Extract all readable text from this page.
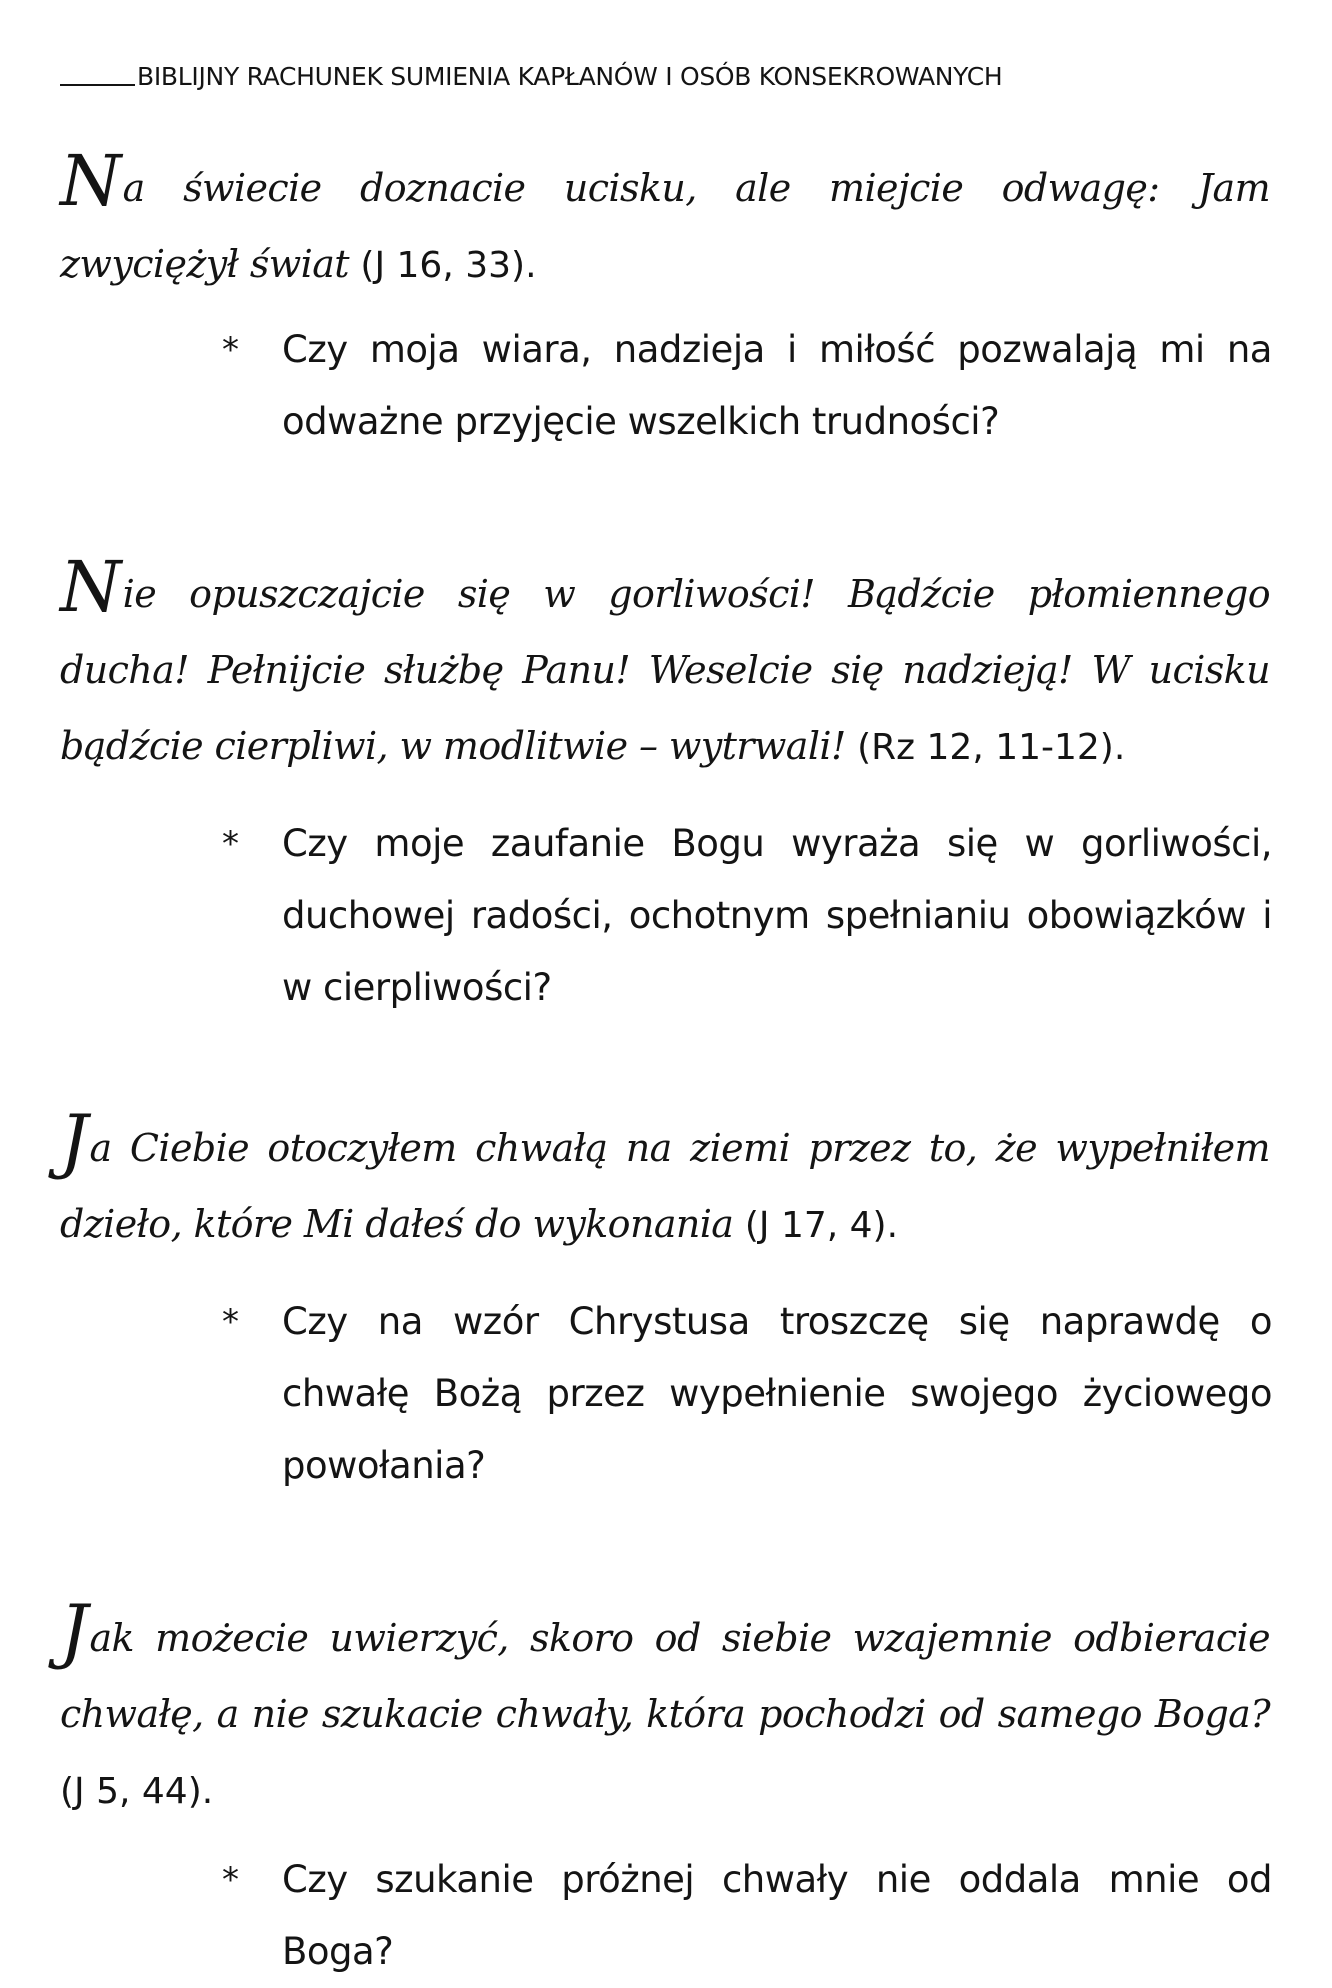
BIBLIJNY RACHUNEK SUMIENIA KAPŁANÓW I OSÓB KONSEKROWANYCH

Na świecie doznacie ucisku, ale miejcie odwagę: Jam zwyciężył świat (J 16, 33).

*	Czy moja wiara, nadzieja i miłość pozwalają mi na odważne przyjęcie wszelkich trudności?

Nie opuszczajcie się w gorliwości! Bądźcie płomiennego ducha! Pełnijcie służbę Panu! Weselcie się nadzieją! W ucisku bądźcie cierpliwi, w modlitwie – wytrwali! (Rz 12, 11-12).

*	Czy moje zaufanie Bogu wyraża się w gorliwości, duchowej radości, ochotnym spełnianiu obowiązków i w cierpliwości?

Ja Ciebie otoczyłem chwałą na ziemi przez to, że wypełniłem dzieło, które Mi dałeś do wykonania (J 17, 4).

*	Czy na wzór Chrystusa troszczę się naprawdę o chwałę Bożą przez wypełnienie swojego życiowego powołania?

Jak możecie uwierzyć, skoro od siebie wzajemnie odbieracie chwałę, a nie szukacie chwały, która pochodzi od samego Boga? (J 5, 44).

*	Czy szukanie próżnej chwały nie oddala mnie od Boga?
